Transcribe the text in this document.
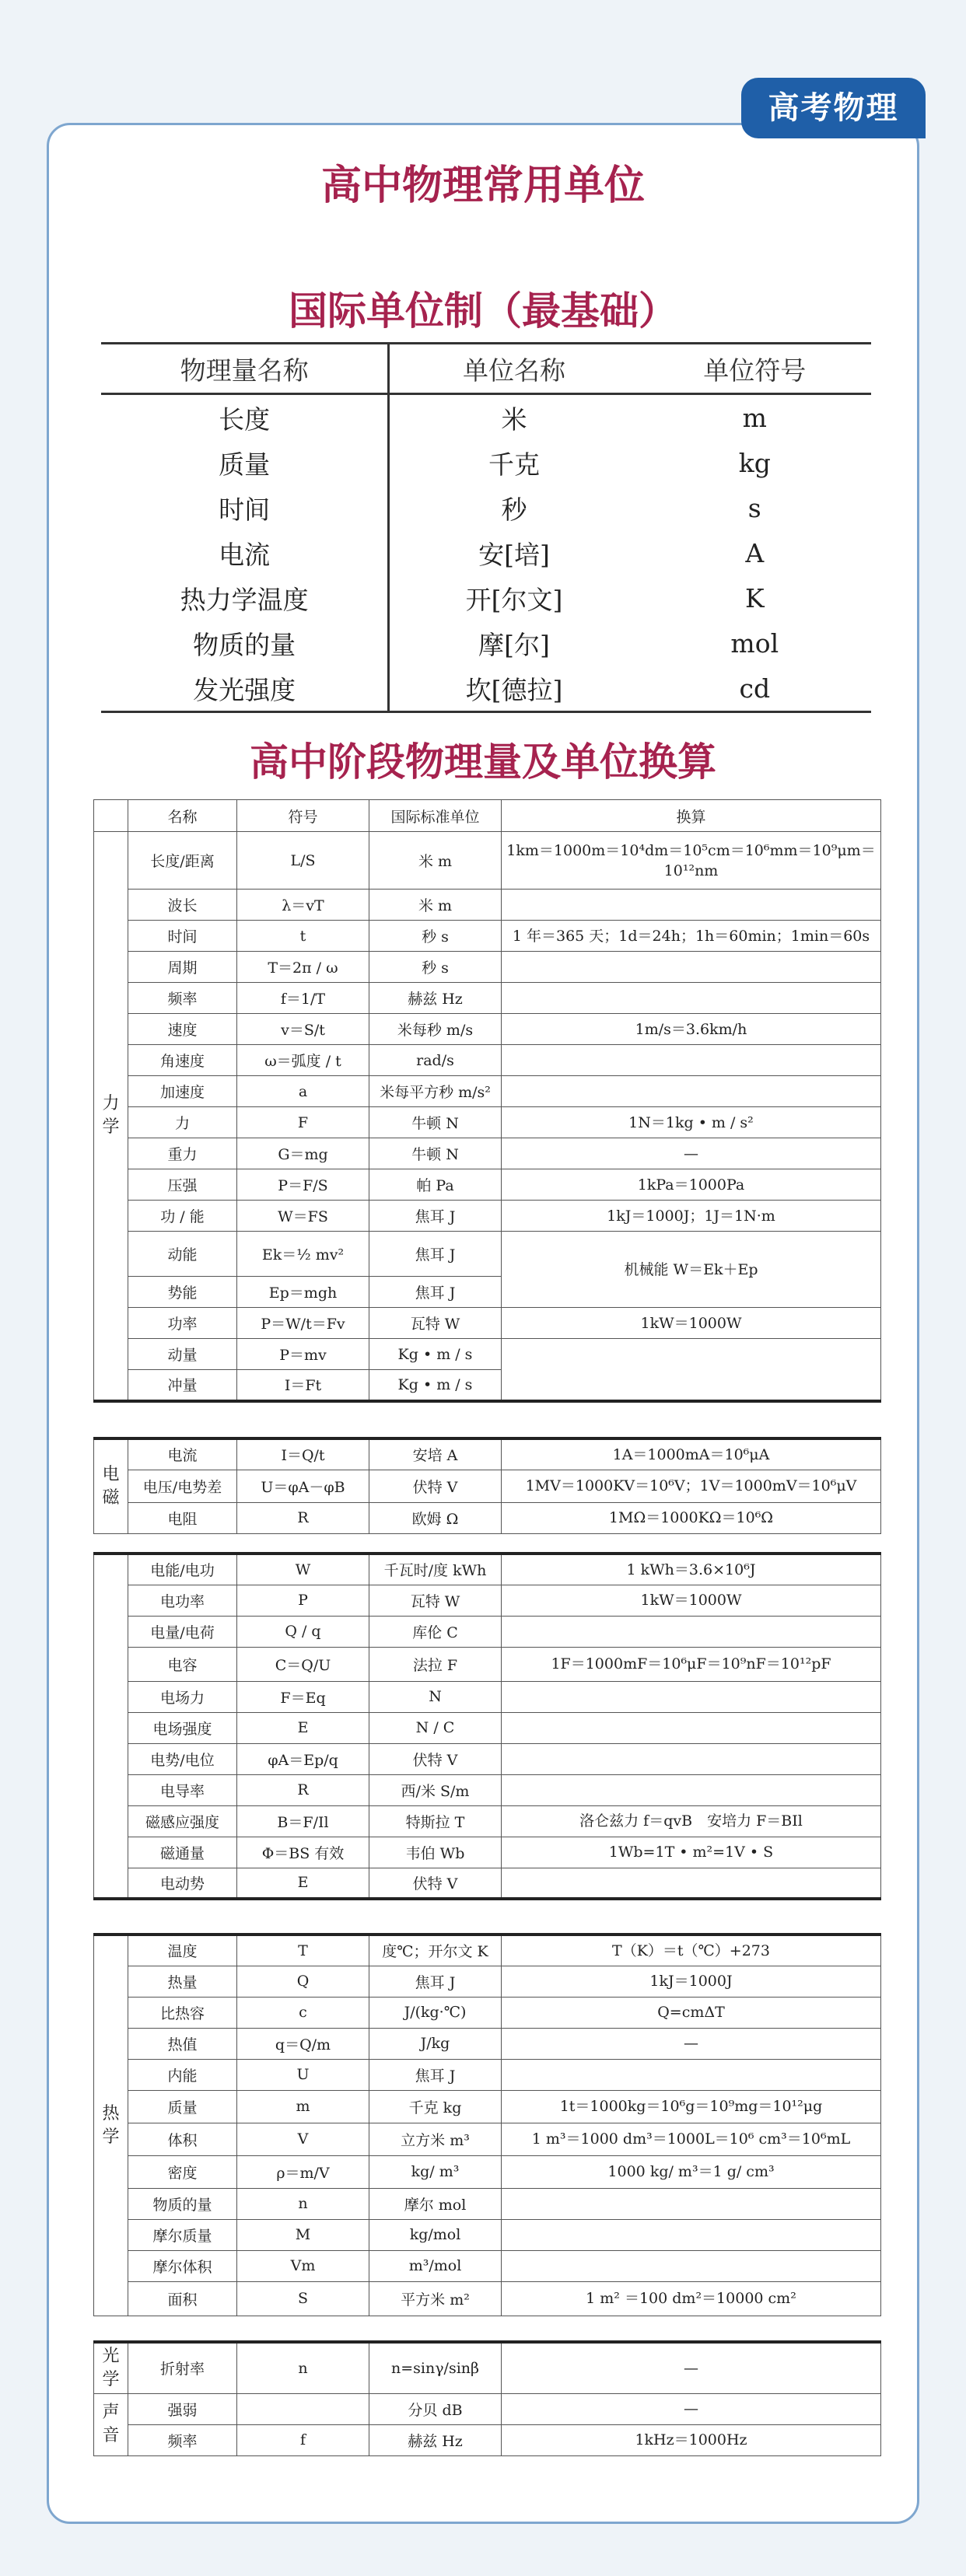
高考物理
高中物理常用单位
国际单位制（最基础）
物理量名称	单位名称	单位符号
长度	米	m
质量	千克	kg
时间	秒	s
电流	安[培]	A
热力学温度	开[尔文]	K
物质的量	摩[尔]	mol
发光强度	坎[德拉]	cd
高中阶段物理量及单位换算
	名称	符号	国际标准单位	换算
力学	长度/距离	L/S	米 m	1km＝1000m＝10⁴dm＝10⁵cm＝10⁶mm＝10⁹μm＝10¹²nm
	波长	λ＝vT	米 m	
	时间	t	秒 s	1 年＝365 天；1d＝24h；1h＝60min；1min＝60s
	周期	T＝2π / ω	秒 s	
	频率	f＝1/T	赫兹 Hz	
	速度	v＝S/t	米每秒 m/s	1m/s＝3.6km/h
	角速度	ω＝弧度 / t	rad/s	
	加速度	a	米每平方秒 m/s²	
	力	F	牛顿 N	1N＝1kg • m / s²
	重力	G＝mg	牛顿 N	—
	压强	P＝F/S	帕 Pa	1kPa＝1000Pa
	功 / 能	W＝FS	焦耳 J	1kJ＝1000J；1J＝1N·m
	动能	Ek＝½ mv²	焦耳 J	机械能 W＝Ek＋Ep
	势能	Ep＝mgh	焦耳 J	
	功率	P＝W/t＝Fv	瓦特 W	1kW＝1000W
	动量	P＝mv	Kg • m / s	
	冲量	I＝Ft	Kg • m / s	
电磁	电流	I＝Q/t	安培 A	1A＝1000mA＝10⁶μA
	电压/电势差	U＝φA－φB	伏特 V	1MV＝1000KV＝10⁶V；1V＝1000mV＝10⁶μV
	电阻	R	欧姆 Ω	1MΩ＝1000KΩ＝10⁶Ω
	电能/电功	W	千瓦时/度 kWh	1 kWh＝3.6×10⁶J
	电功率	P	瓦特 W	1kW＝1000W
	电量/电荷	Q / q	库伦 C	
	电容	C＝Q/U	法拉 F	1F＝1000mF＝10⁶μF＝10⁹nF＝10¹²pF
	电场力	F＝Eq	N	
	电场强度	E	N / C	
	电势/电位	φA＝Ep/q	伏特 V	
	电导率	R	西/米 S/m	
	磁感应强度	B＝F/Il	特斯拉 T	洛仑兹力 f＝qvB　安培力 F＝BIl
	磁通量	Φ＝BS 有效	韦伯 Wb	1Wb=1T • m²=1V • S
	电动势	E	伏特 V	
热学	温度	T	度℃；开尔文 K	T（K）＝t（℃）+273
	热量	Q	焦耳 J	1kJ＝1000J
	比热容	c	J/(kg·℃)	Q=cmΔT
	热值	q＝Q/m	J/kg	—
	内能	U	焦耳 J	
	质量	m	千克 kg	1t＝1000kg＝10⁶g＝10⁹mg＝10¹²μg
	体积	V	立方米 m³	1 m³＝1000 dm³＝1000L＝10⁶ cm³＝10⁶mL
	密度	ρ＝m/V	kg/ m³	1000 kg/ m³＝1 g/ cm³
	物质的量	n	摩尔 mol	
	摩尔质量	M	kg/mol	
	摩尔体积	Vm	m³/mol	
	面积	S	平方米 m²	1 m² ＝100 dm²＝10000 cm²
光学	折射率	n	n=sinγ/sinβ	—
声音	强弱		分贝 dB	—
	频率	f	赫兹 Hz	1kHz＝1000Hz
